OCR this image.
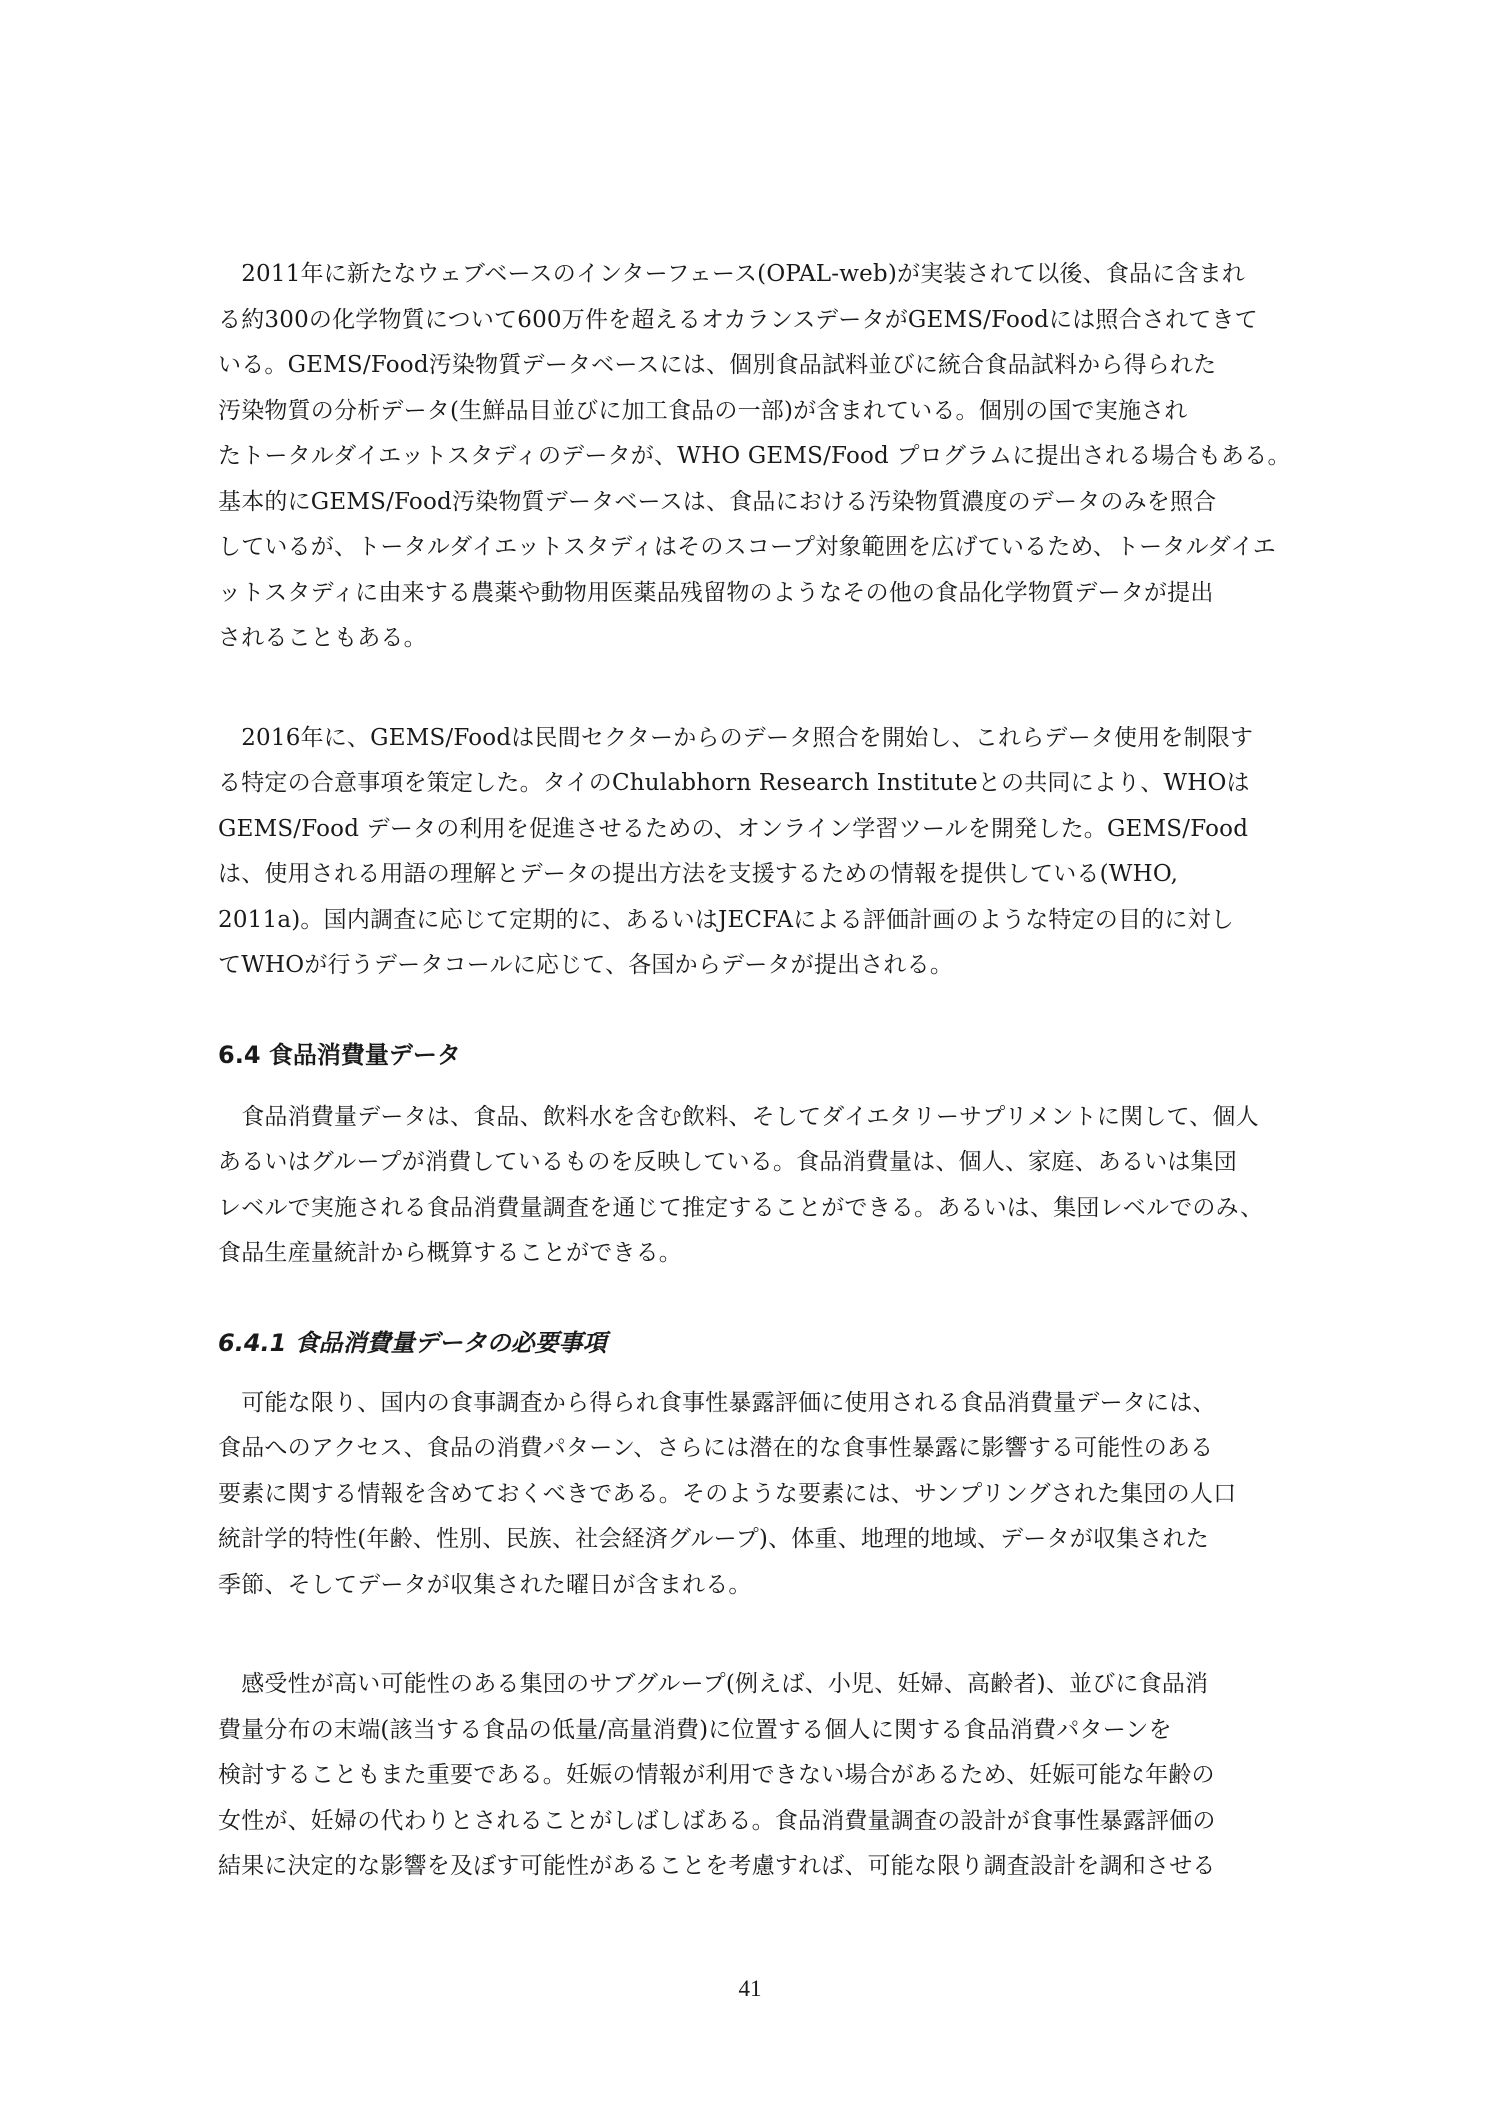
　2011年に新たなウェブベースのインターフェース(OPAL-web)が実装されて以後、食品に含まれ
る約300の化学物質について600万件を超えるオカランスデータがGEMS/Foodには照合されてきて
いる。GEMS/Food汚染物質データベースには、個別食品試料並びに統合食品試料から得られた
汚染物質の分析データ(生鮮品目並びに加工食品の一部)が含まれている。個別の国で実施され
たトータルダイエットスタディのデータが、WHO GEMS/Food プログラムに提出される場合もある。
基本的にGEMS/Food汚染物質データベースは、食品における汚染物質濃度のデータのみを照合
しているが、トータルダイエットスタディはそのスコープ対象範囲を広げているため、トータルダイエ
ットスタディに由来する農薬や動物用医薬品残留物のようなその他の食品化学物質データが提出
されることもある。
　2016年に、GEMS/Foodは民間セクターからのデータ照合を開始し、これらデータ使用を制限す
る特定の合意事項を策定した。タイのChulabhorn Research Instituteとの共同により、WHOは
GEMS/Food データの利用を促進させるための、オンライン学習ツールを開発した。GEMS/Food
は、使用される用語の理解とデータの提出方法を支援するための情報を提供している(WHO,
2011a)。国内調査に応じて定期的に、あるいはJECFAによる評価計画のような特定の目的に対し
てWHOが行うデータコールに応じて、各国からデータが提出される。
6.4 食品消費量データ
　食品消費量データは、食品、飲料水を含む飲料、そしてダイエタリーサプリメントに関して、個人
あるいはグループが消費しているものを反映している。食品消費量は、個人、家庭、あるいは集団
レベルで実施される食品消費量調査を通じて推定することができる。あるいは、集団レベルでのみ、
食品生産量統計から概算することができる。
6.4.1 食品消費量データの必要事項
　可能な限り、国内の食事調査から得られ食事性暴露評価に使用される食品消費量データには、
食品へのアクセス、食品の消費パターン、さらには潜在的な食事性暴露に影響する可能性のある
要素に関する情報を含めておくべきである。そのような要素には、サンプリングされた集団の人口
統計学的特性(年齢、性別、民族、社会経済グループ)、体重、地理的地域、データが収集された
季節、そしてデータが収集された曜日が含まれる。
　感受性が高い可能性のある集団のサブグループ(例えば、小児、妊婦、高齢者)、並びに食品消
費量分布の末端(該当する食品の低量/高量消費)に位置する個人に関する食品消費パターンを
検討することもまた重要である。妊娠の情報が利用できない場合があるため、妊娠可能な年齢の
女性が、妊婦の代わりとされることがしばしばある。食品消費量調査の設計が食事性暴露評価の
結果に決定的な影響を及ぼす可能性があることを考慮すれば、可能な限り調査設計を調和させる
41
